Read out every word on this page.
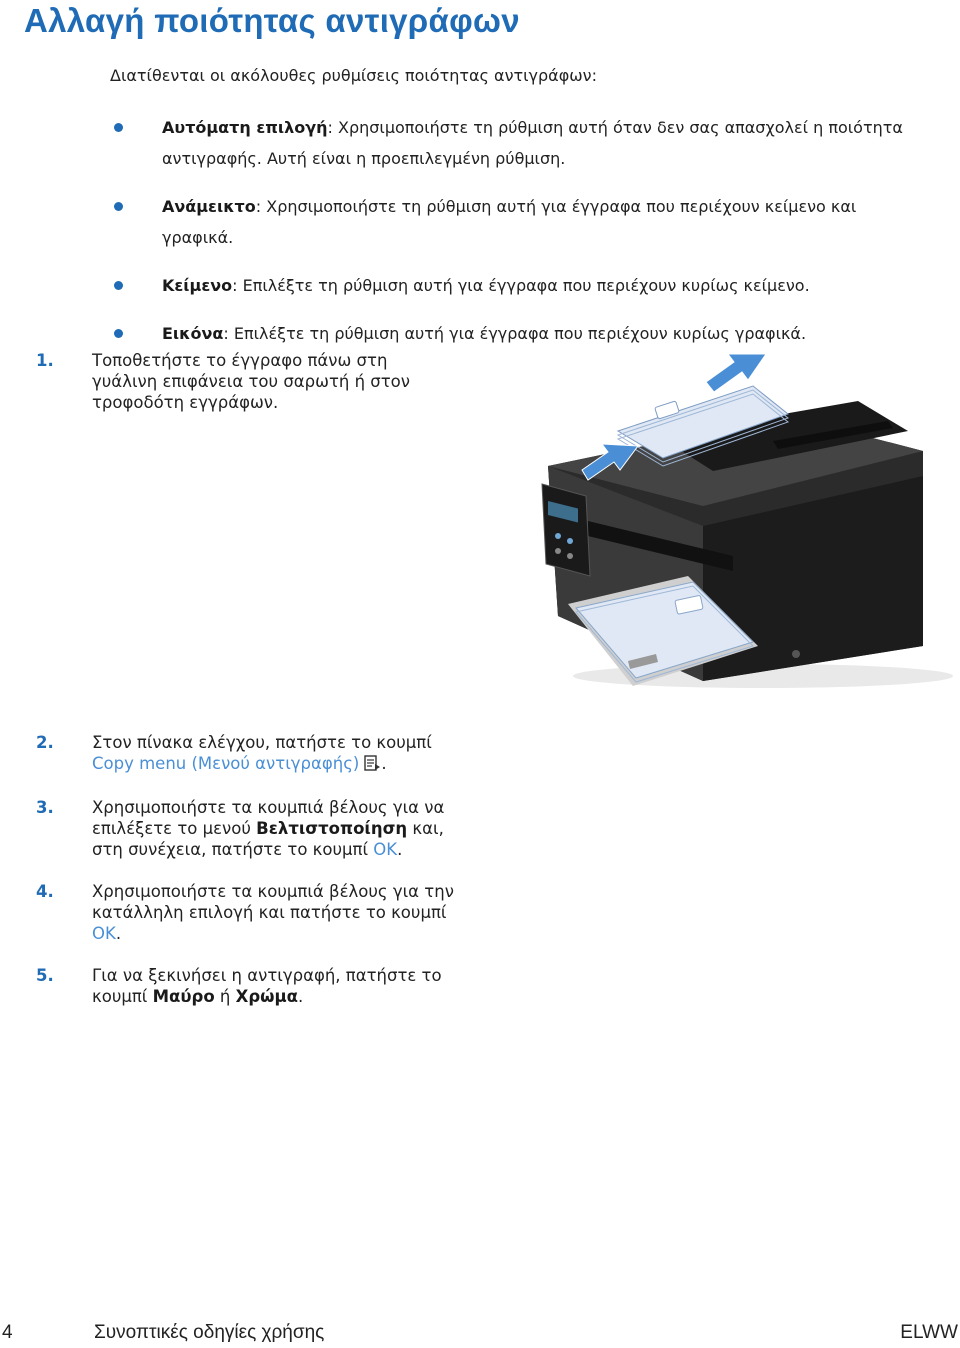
Αλλαγή ποιότητας αντιγράφων

Διατίθενται οι ακόλουθες ρυθμίσεις ποιότητας αντιγράφων:

Αυτόματη επιλογή: Χρησιμοποιήστε τη ρύθμιση αυτή όταν δεν σας απασχολεί η ποιότητα αντιγραφής. Αυτή είναι η προεπιλεγμένη ρύθμιση.
Ανάμεικτο: Χρησιμοποιήστε τη ρύθμιση αυτή για έγγραφα που περιέχουν κείμενο και γραφικά.
Κείμενο: Επιλέξτε τη ρύθμιση αυτή για έγγραφα που περιέχουν κυρίως κείμενο.
Εικόνα: Επιλέξτε τη ρύθμιση αυτή για έγγραφα που περιέχουν κυρίως γραφικά.
1. Τοποθετήστε το έγγραφο πάνω στη γυάλινη επιφάνεια του σαρωτή ή στον τροφοδότη εγγράφων.
2. Στον πίνακα ελέγχου, πατήστε το κουμπί Copy menu (Μενού αντιγραφής) .
3. Χρησιμοποιήστε τα κουμπιά βέλους για να επιλέξετε το μενού Βελτιστοποίηση και, στη συνέχεια, πατήστε το κουμπί OK.
4. Χρησιμοποιήστε τα κουμπιά βέλους για την κατάλληλη επιλογή και πατήστε το κουμπί OK.
5. Για να ξεκινήσει η αντιγραφή, πατήστε το κουμπί Μαύρο ή Χρώμα.
4	Συνοπτικές οδηγίες χρήσης	ELWW
